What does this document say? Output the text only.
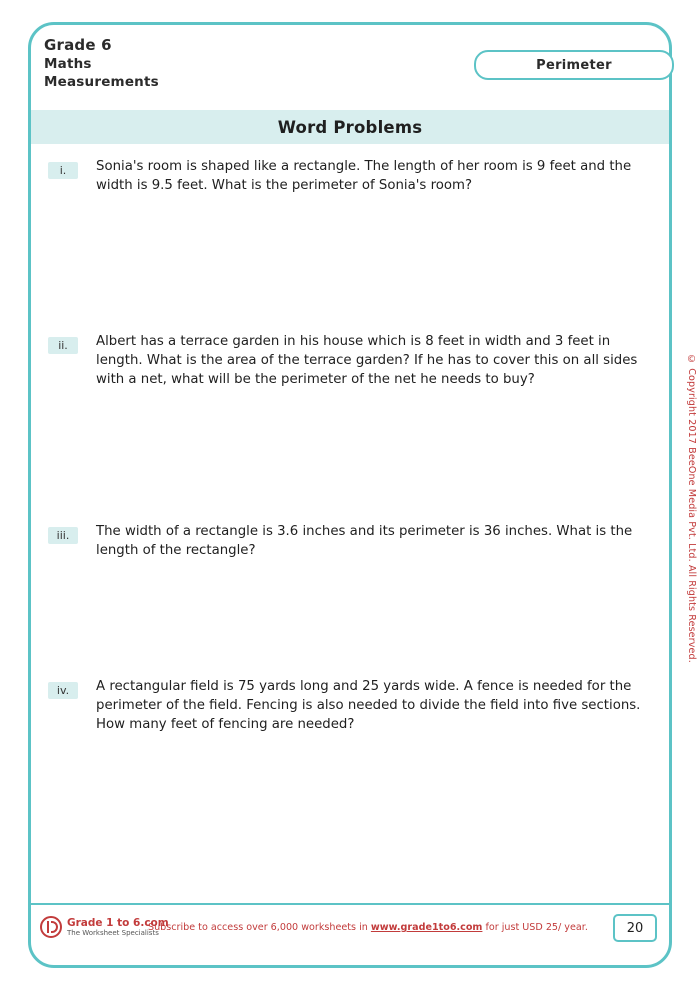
Grade 6
Maths
Measurements
Perimeter
Word Problems
i.	Sonia's room is shaped like a rectangle. The length of her room is 9 feet and the width is 9.5 feet. What is the perimeter of Sonia's room?
ii.	Albert has a terrace garden in his house which is 8 feet in width and 3 feet in length. What is the area of the terrace garden? If he has to cover this on all sides with a net, what will be the perimeter of the net he needs to buy?
iii.	The width of a rectangle is 3.6 inches and its perimeter is 36 inches. What is the length of the rectangle?
iv.	A rectangular field is 75 yards long and 25 yards wide. A fence is needed for the perimeter of the field. Fencing is also needed to divide the field into five sections. How many feet of fencing are needed?
© Copyright 2017 BeeOne Media Pvt. Ltd. All Rights Reserved.
Grade 1 to 6.com
The Worksheet Specialists
Subscribe to access over 6,000 worksheets in www.grade1to6.com for just USD 25/ year.	20
